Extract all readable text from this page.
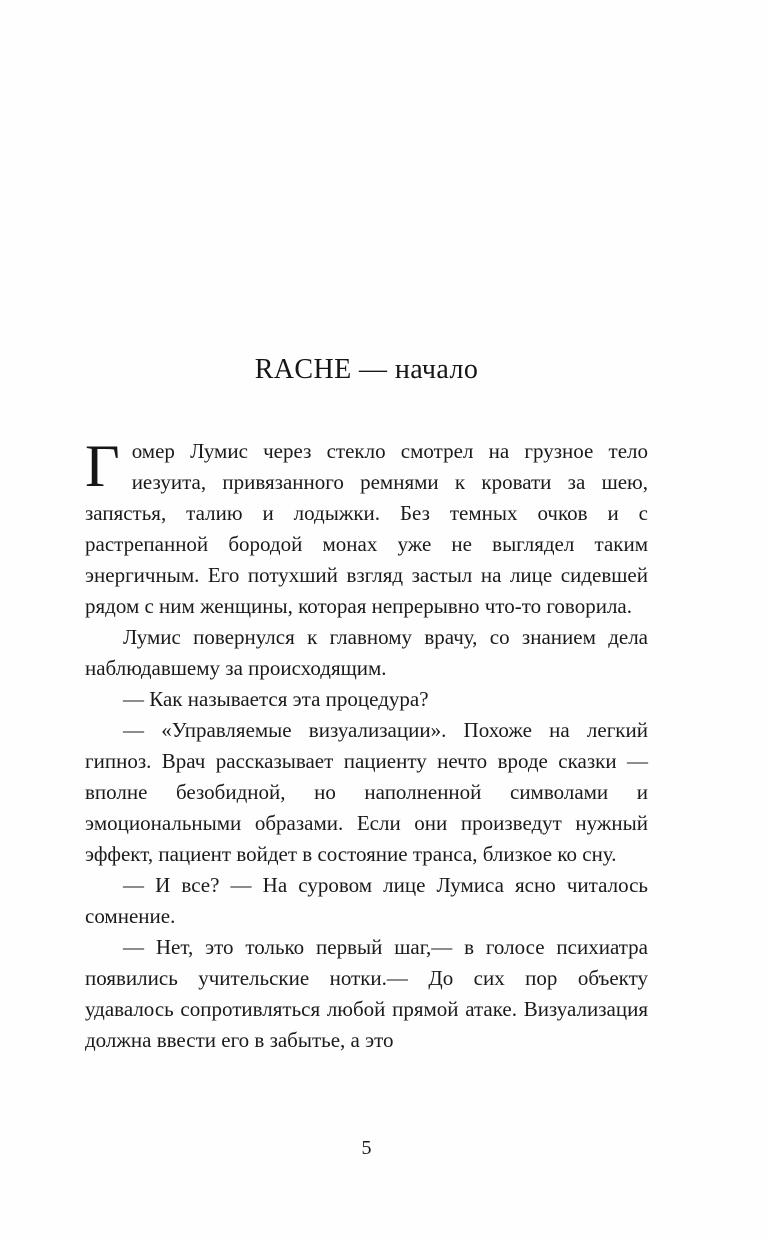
RACHE — начало

Гомер Лумис через стекло смотрел на грузное тело иезуита, привязанного ремнями к кровати за шею, запястья, талию и лодыжки. Без темных очков и с растрепанной бородой монах уже не выглядел таким энергичным. Его потухший взгляд застыл на лице сидевшей рядом с ним женщины, которая непрерывно что-то говорила.

Лумис повернулся к главному врачу, со знанием дела наблюдавшему за происходящим.

— Как называется эта процедура?

— «Управляемые визуализации». Похоже на легкий гипноз. Врач рассказывает пациенту нечто вроде сказки — вполне безобидной, но наполненной символами и эмоциональными образами. Если они произведут нужный эффект, пациент войдет в состояние транса, близкое ко сну.

— И все? — На суровом лице Лумиса ясно читалось сомнение.

— Нет, это только первый шаг,— в голосе психиатра появились учительские нотки.— До сих пор объекту удавалось сопротивляться любой прямой атаке. Визуализация должна ввести его в забытье, а это

5
